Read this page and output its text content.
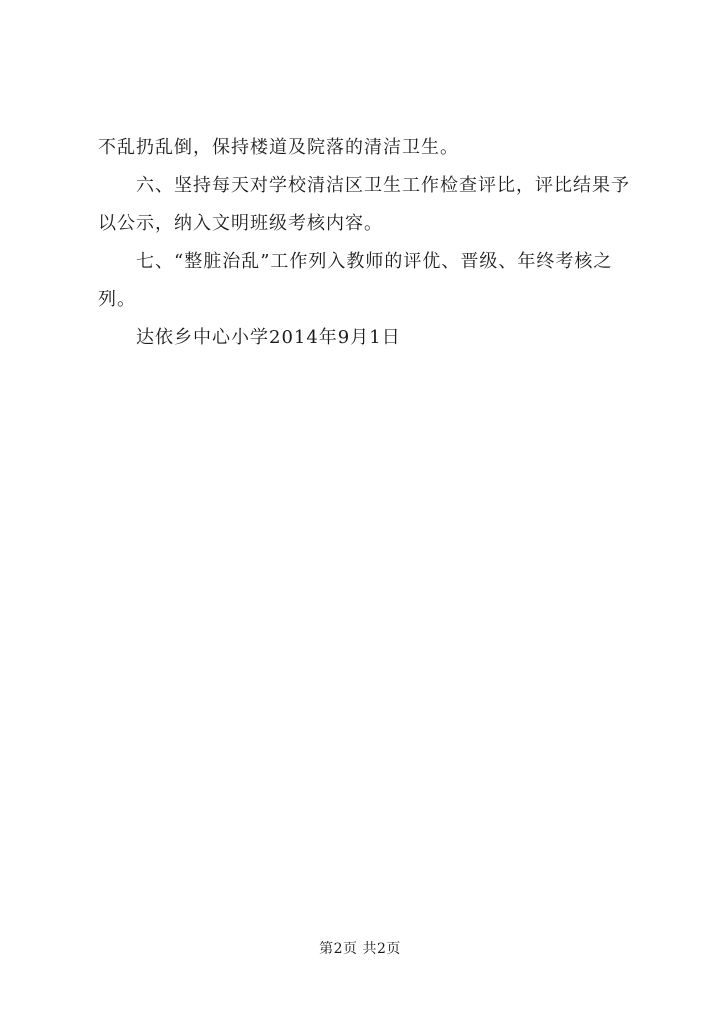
不乱扔乱倒，保持楼道及院落的清洁卫生。

六、坚持每天对学校清洁区卫生工作检查评比，评比结果予以公示，纳入文明班级考核内容。

七、“整脏治乱”工作列入教师的评优、晋级、年终考核之列。

达依乡中心小学2014年9月1日

第2页 共2页
